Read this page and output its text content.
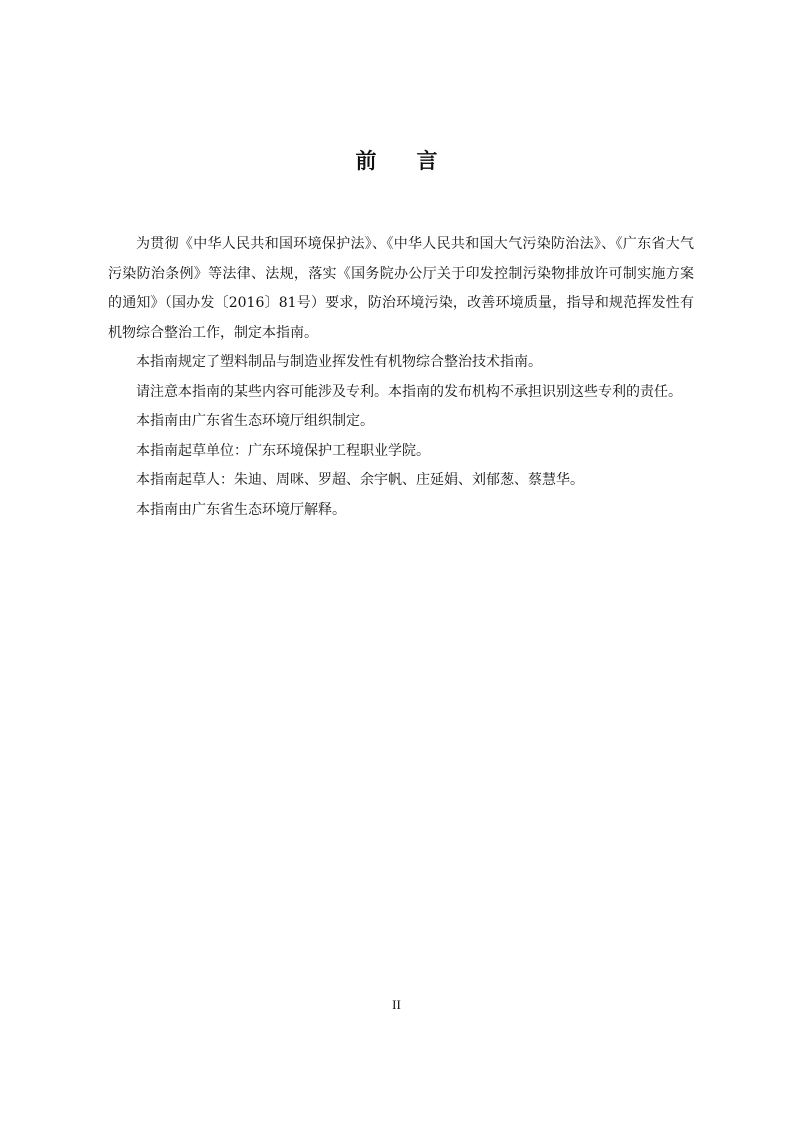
前 言

为贯彻《中华人民共和国环境保护法》、《中华人民共和国大气污染防治法》、《广东省大气污染防治条例》等法律、法规，落实《国务院办公厅关于印发控制污染物排放许可制实施方案的通知》（国办发〔2016〕81号）要求，防治环境污染，改善环境质量，指导和规范挥发性有机物综合整治工作，制定本指南。

本指南规定了塑料制品与制造业挥发性有机物综合整治技术指南。

请注意本指南的某些内容可能涉及专利。本指南的发布机构不承担识别这些专利的责任。

本指南由广东省生态环境厅组织制定。

本指南起草单位：广东环境保护工程职业学院。

本指南起草人：朱迪、周咪、罗超、余宇帆、庄延娟、刘郁葱、蔡慧华。

本指南由广东省生态环境厅解释。

II
